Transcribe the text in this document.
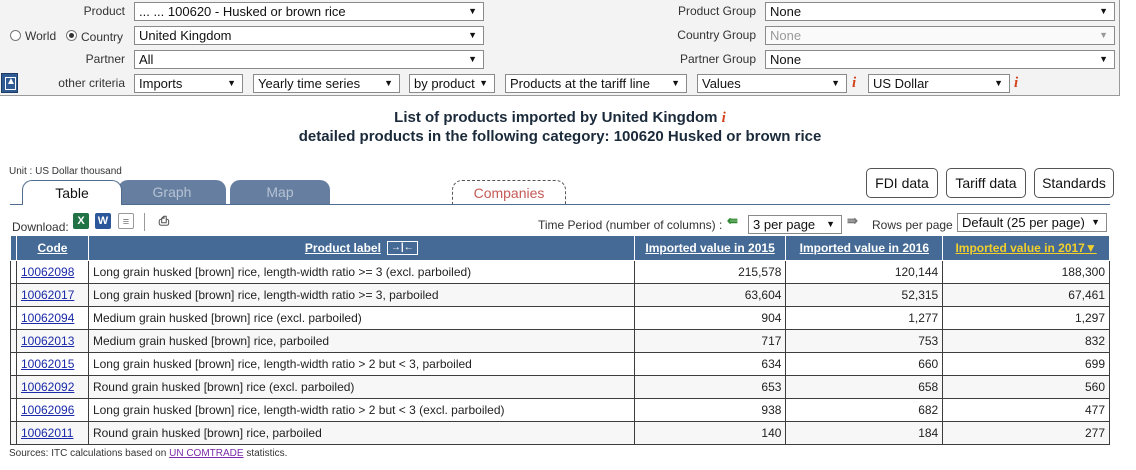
Product	... ... 100620 - Husked or brown rice	▼
World Country	United Kingdom	▼
Partner	All	▼
▲	other criteria	Imports	▼	Yearly time series	▼	by product ▼	Products at the tariff line ▼	Values	▼ i	US Dollar	▼ i
Product Group	None	▼
Country Group	None	▼
Partner Group	None	▼
List of products imported by United Kingdom i
detailed products in the following category: 100620 Husked or brown rice
Unit : US Dollar thousand
Graph	Map
Table	Companies
FDI data	Tariff data	Standards
Download: X	W	≡	⎙	Time Period (number of columns) : ⇚	3 per page ▼ ⇛ Rows per page Default (25 per page) ▼
	Code	Product label →|←	Imported value in 2015	Imported value in 2016	Imported value in 2017▼
	10062098	Long grain husked [brown] rice, length-width ratio >= 3 (excl. parboiled)	215,578	120,144	188,300
	10062017	Long grain husked [brown] rice, length-width ratio >= 3, parboiled	63,604	52,315	67,461
	10062094	Medium grain husked [brown] rice (excl. parboiled)	904	1,277	1,297
	10062013	Medium grain husked [brown] rice, parboiled	717	753	832
	10062015	Long grain husked [brown] rice, length-width ratio > 2 but < 3, parboiled	634	660	699
	10062092	Round grain husked [brown] rice (excl. parboiled)	653	658	560
	10062096	Long grain husked [brown] rice, length-width ratio > 2 but < 3 (excl. parboiled)	938	682	477
	10062011	Round grain husked [brown] rice, parboiled	140	184	277
Sources: ITC calculations based on UN COMTRADE statistics.
